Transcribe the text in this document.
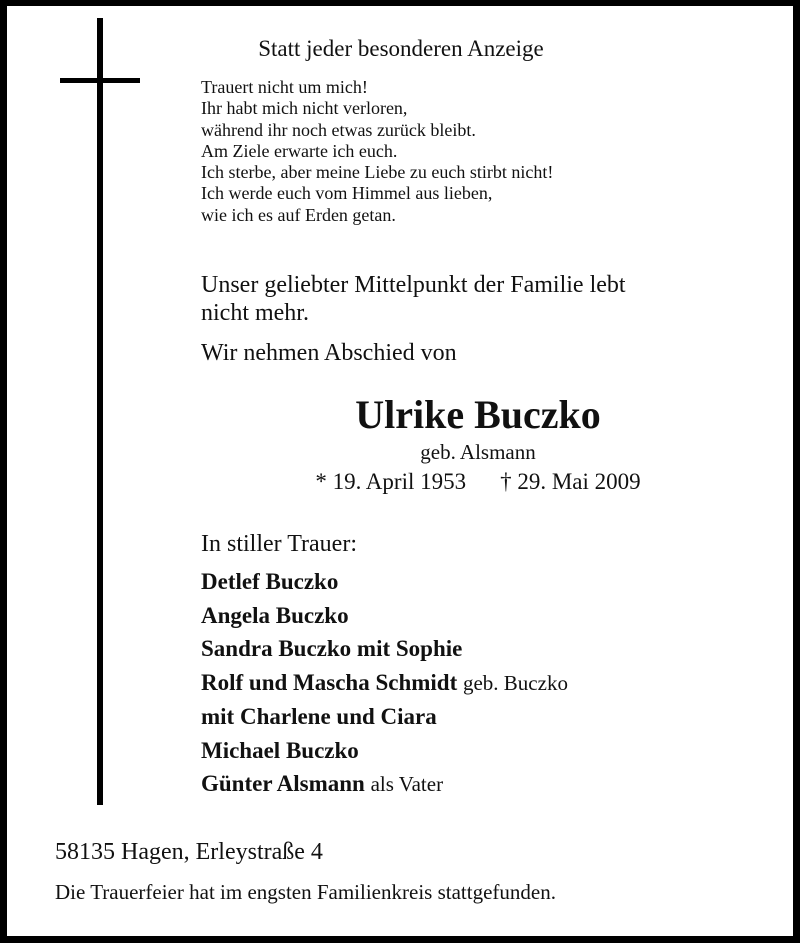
Statt jeder besonderen Anzeige
Trauert nicht um mich!
Ihr habt mich nicht verloren,
während ihr noch etwas zurück bleibt.
Am Ziele erwarte ich euch.
Ich sterbe, aber meine Liebe zu euch stirbt nicht!
Ich werde euch vom Himmel aus lieben,
wie ich es auf Erden getan.
Unser geliebter Mittelpunkt der Familie lebt
nicht mehr.
Wir nehmen Abschied von
Ulrike Buczko
geb. Alsmann
* 19. April 1953 † 29. Mai 2009
In stiller Trauer:
Detlef Buczko
Angela Buczko
Sandra Buczko mit Sophie
Rolf und Mascha Schmidt geb. Buczko
mit Charlene und Ciara
Michael Buczko
Günter Alsmann als Vater
58135 Hagen, Erleystraße 4
Die Trauerfeier hat im engsten Familienkreis stattgefunden.
